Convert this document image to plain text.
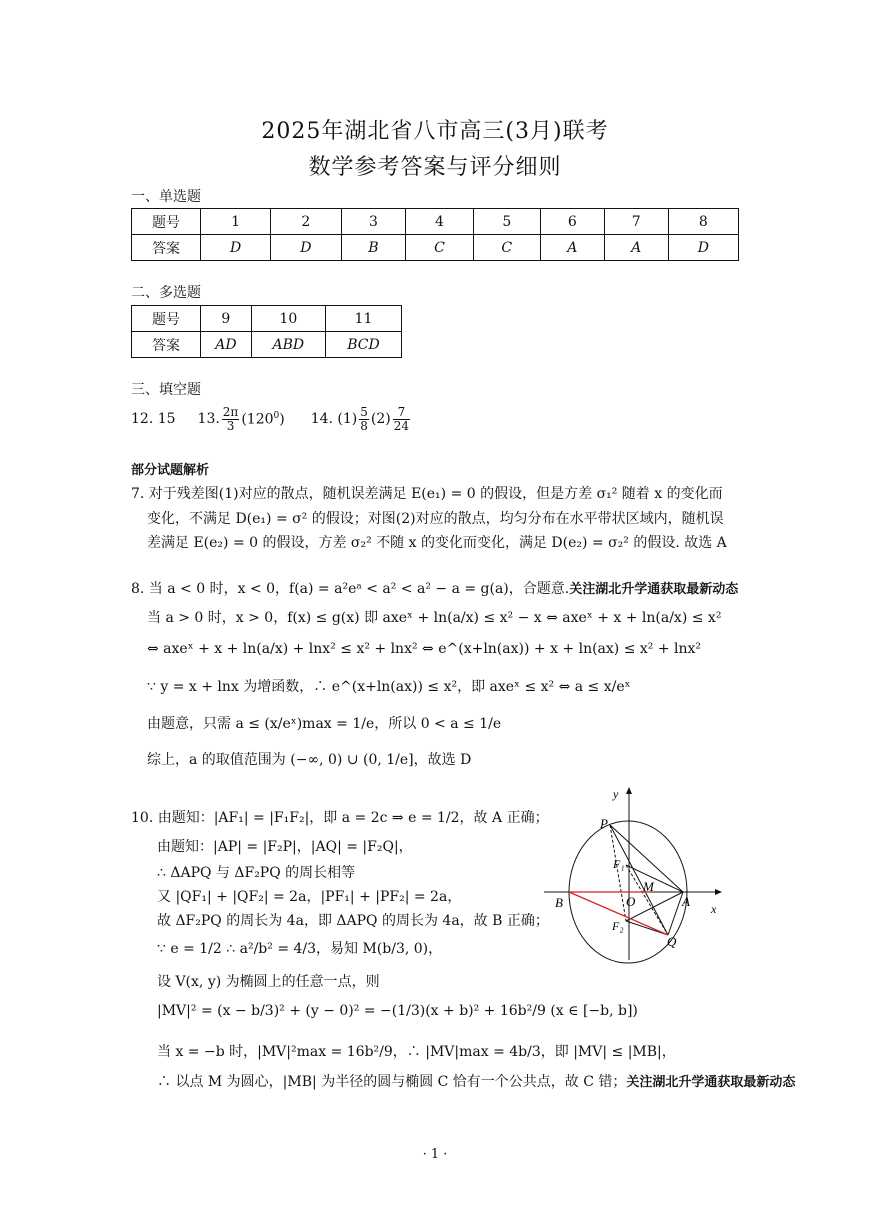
2025年湖北省八市高三(3月)联考
数学参考答案与评分细则
一、单选题
题号	1	2	3	4	5	6	7	8
答案	D	D	B	C	C	A	A	D
二、多选题
题号	9	10	11
答案	AD	ABD	BCD
三、填空题
12. 15 13. $\frac{2\pi}{3} (120^0)$ 14. $(1) \frac{5}{8} (2) \frac{7}{24}$
部分试题解析
7. 对于残差图(1)对应的散点，随机误差满足 E(e₁) = 0 的假设，但是方差 σ₁² 随着 x 的变化而
变化，不满足 D(e₁) = σ² 的假设；对图(2)对应的散点，均匀分布在水平带状区域内，随机误
差满足 E(e₂) = 0 的假设，方差 σ₂² 不随 x 的变化而变化，满足 D(e₂) = σ₂² 的假设. 故选 A
8. 当 a < 0 时，x < 0，f(a) = a²eᵃ < a² < a² − a = g(a)，合题意.关注湖北升学通获取最新动态
当 a > 0 时，x > 0，f(x) ≤ g(x) 即 axeˣ + ln(a/x) ≤ x² − x ⇔ axeˣ + x + ln(a/x) ≤ x²
⇔ axeˣ + x + ln(a/x) + lnx² ≤ x² + lnx² ⇔ e^(x+ln(ax)) + x + ln(ax) ≤ x² + lnx²
∵ y = x + lnx 为增函数，∴ e^(x+ln(ax)) ≤ x²，即 axeˣ ≤ x² ⇔ a ≤ x/eˣ
由题意，只需 a ≤ (x/eˣ)max = 1/e，所以 0 < a ≤ 1/e
综上，a 的取值范围为 (−∞, 0) ∪ (0, 1/e]，故选 D
10. 由题知：|AF₁| = |F₁F₂|，即 a = 2c ⇒ e = 1/2，故 A 正确；
由题知：|AP| = |F₂P|，|AQ| = |F₂Q|，
∴ ΔAPQ 与 ΔF₂PQ 的周长相等
又 |QF₁| + |QF₂| = 2a，|PF₁| + |PF₂| = 2a，
故 ΔF₂PQ 的周长为 4a，即 ΔAPQ 的周长为 4a，故 B 正确；
∵ e = 1/2 ∴ a²/b² = 4/3，易知 M(b/3, 0)，
设 V(x, y) 为椭圆上的任意一点，则
|MV|² = (x − b/3)² + (y − 0)² = −(1/3)(x + b)² + 16b²/9 (x ∈ [−b, b])
当 x = −b 时，|MV|²max = 16b²/9，∴ |MV|max = 4b/3，即 |MV| ≤ |MB|，
∴ 以点 M 为圆心，|MB| 为半径的圆与椭圆 C 恰有一个公共点，故 C 错；关注湖北升学通获取最新动态
y
x
P
F₁
M
B	O	A
F₂
Q
· 1 ·
